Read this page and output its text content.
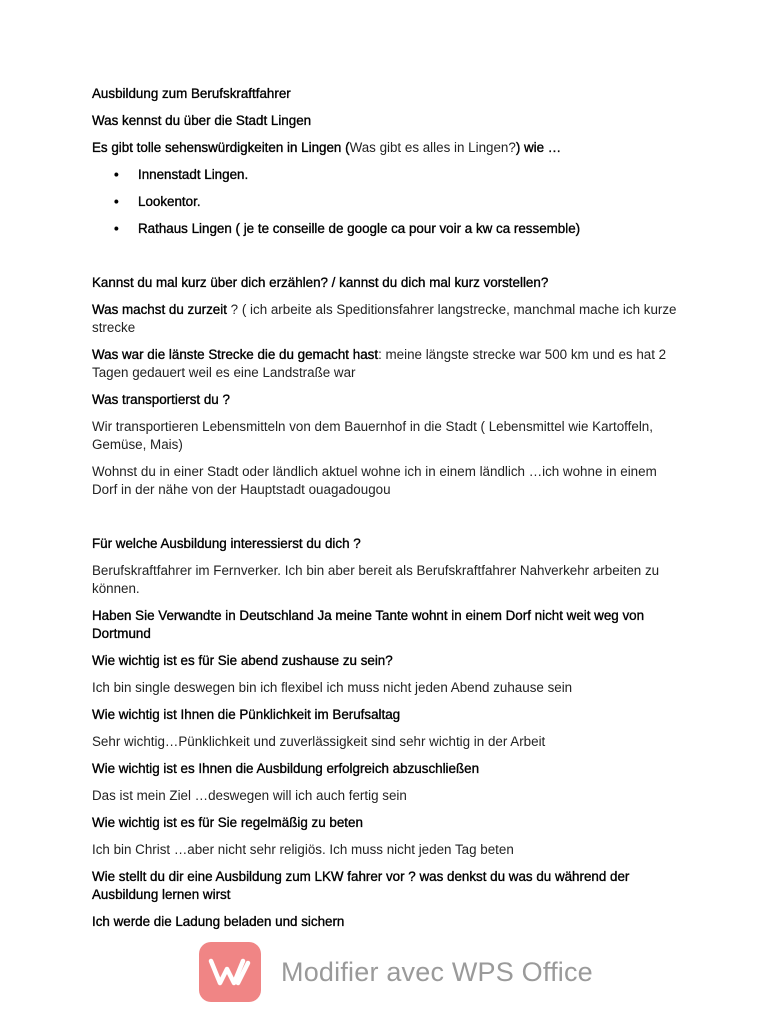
Ausbildung zum Berufskraftfahrer

Was kennst du über die Stadt Lingen

Es gibt tolle sehenswürdigkeiten in Lingen (Was gibt es alles in Lingen?) wie …

• Innenstadt Lingen.
• Lookentor.
• Rathaus Lingen ( je te conseille de google ca pour voir a kw ca ressemble)

Kannst du mal kurz über dich erzählen? / kannst du dich mal kurz vorstellen?

Was machst du zurzeit ? ( ich arbeite als Speditionsfahrer langstrecke, manchmal mache ich kurze strecke

Was war die länste Strecke die du gemacht hast: meine längste strecke war 500 km und es hat 2 Tagen gedauert weil es eine Landstraße war

Was transportierst du ?

Wir transportieren Lebensmitteln von dem Bauernhof in die Stadt ( Lebensmittel wie Kartoffeln, Gemüse, Mais)

Wohnst du in einer Stadt oder ländlich aktuel wohne ich in einem ländlich …ich wohne in einem Dorf in der nähe von der Hauptstadt ouagadougou

Für welche Ausbildung interessierst du dich ?

Berufskraftfahrer im Fernverker. Ich bin aber bereit als Berufskraftfahrer Nahverkehr arbeiten zu können.

Haben Sie Verwandte in Deutschland Ja meine Tante wohnt in einem Dorf nicht weit weg von Dortmund

Wie wichtig ist es für Sie abend zushause zu sein?

Ich bin single deswegen bin ich flexibel ich muss nicht jeden Abend zuhause sein

Wie wichtig ist Ihnen die Pünklichkeit im Berufsaltag

Sehr wichtig…Pünklichkeit und zuverlässigkeit sind sehr wichtig in der Arbeit

Wie wichtig ist es Ihnen die Ausbildung erfolgreich abzuschließen

Das ist mein Ziel …deswegen will ich auch fertig sein

Wie wichtig ist es für Sie regelmäßig zu beten

Ich bin Christ …aber nicht sehr religiös. Ich muss nicht jeden Tag beten

Wie stellt du dir eine Ausbildung zum LKW fahrer vor ? was denkst du was du während der Ausbildung lernen wirst

Ich werde die Ladung beladen und sichern

Modifier avec WPS Office
